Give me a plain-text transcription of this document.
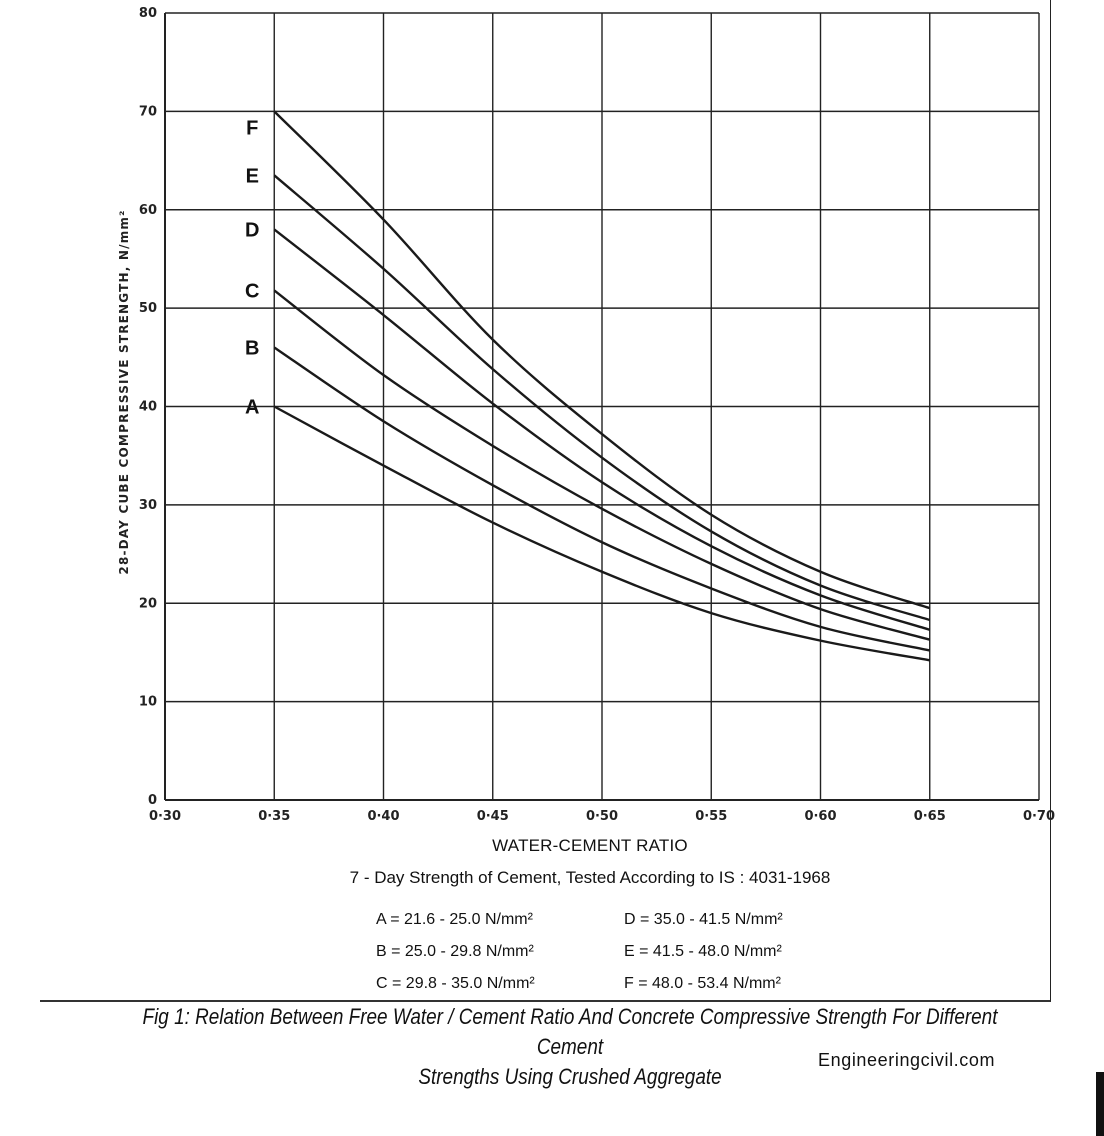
A
B
C
D
E
F
0·30	0·35	0·40	0·45	0·50	0·55	0·60	0·65	0·70
0
10
20
30
40
50
60
70
80
28-DAY CUBE COMPRESSIVE STRENGTH, N/mm²
WATER-CEMENT RATIO
7 - Day Strength of Cement, Tested According to IS : 4031-1968
A = 21.6 - 25.0 N/mm²
B = 25.0 - 29.8 N/mm²
C = 29.8 - 35.0 N/mm²
D = 35.0 - 41.5 N/mm²
E = 41.5 - 48.0 N/mm²
F = 48.0 - 53.4 N/mm²
Fig 1: Relation Between Free Water / Cement Ratio And Concrete Compressive Strength For Different Cement
Strengths Using Crushed Aggregate
Engineeringcivil.com
